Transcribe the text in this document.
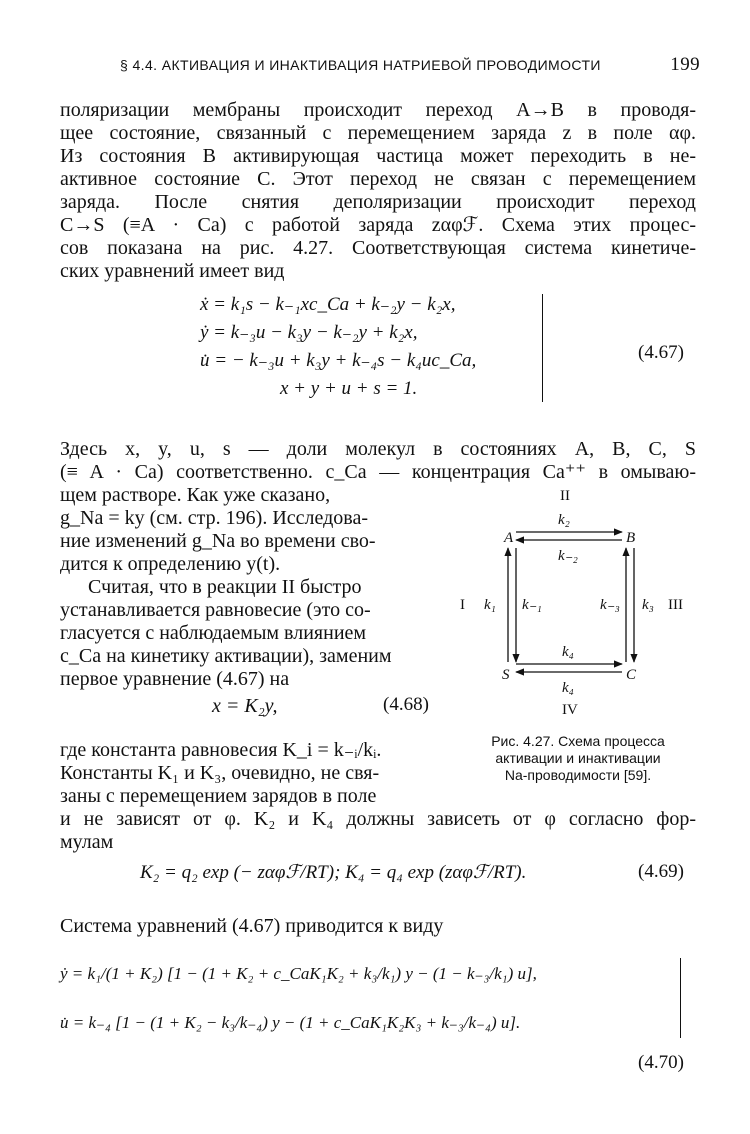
§ 4.4. АКТИВАЦИЯ И ИНАКТИВАЦИЯ НАТРИЕВОЙ ПРОВОДИМОСТИ	199
поляризации мембраны происходит переход A→B в проводя-
щее состояние, связанный с перемещением заряда z в поле αφ.
Из состояния B активирующая частица может переходить в не-
активное состояние C. Этот переход не связан с перемещением
заряда. После снятия деполяризации происходит переход
C→S (≡A · Ca) с работой заряда zαφℱ. Схема этих процес-
сов показана на рис. 4.27. Соответствующая система кинетиче-
ских уравнений имеет вид
ẋ = k₁s − k₋₁xc_Ca + k₋₂y − k₂x,
ẏ = k₋₃u − k₃y − k₋₂y + k₂x,
u̇ = − k₋₃u + k₃y + k₋₄s − k₄uc_Ca,
x + y + u + s = 1.
(4.67)
Здесь x, y, u, s — доли молекул в состояниях A, B, C, S
(≡ A · Ca) соответственно. c_Ca — концентрация Ca⁺⁺ в омываю-
щем растворе. Как уже сказано,
g_Na = ky (см. стр. 196). Исследова-
ние изменений g_Na во времени сво-
дится к определению y(t).
Считая, что в реакции II быстро
устанавливается равновесие (это со-
гласуется с наблюдаемым влиянием
c_Ca на кинетику активации), заменим
первое уравнение (4.67) на
x = K₂y,	(4.68)
где константа равновесия K_i = k₋ᵢ/kᵢ.
Константы K₁ и K₃, очевидно, не свя-
заны с перемещением зарядов в поле
и не зависят от φ. K₂ и K₄ должны зависеть от φ согласно фор-
мулам
K₂ = q₂ exp (− zαφℱ/RT); K₄ = q₄ exp (zαφℱ/RT).	(4.69)
Система уравнений (4.67) приводится к виду
ẏ = k₁/(1 + K₂) [1 − (1 + K₂ + c_CaK₁K₂ + k₃/k₁) y − (1 − k₋₃/k₁) u],
u̇ = k₋₄ [1 − (1 + K₂ − k₃/k₋₄) y − (1 + c_CaK₁K₂K₃ + k₋₃/k₋₄) u].
(4.70)
A	B
S	C
II
k₂
k₋₂
I k₁ k₋₁	k₋₃ k₃ III
k₄
k₄
IV
Рис. 4.27. Схема процесса
активации и инактивации
Na-проводимости [59].
